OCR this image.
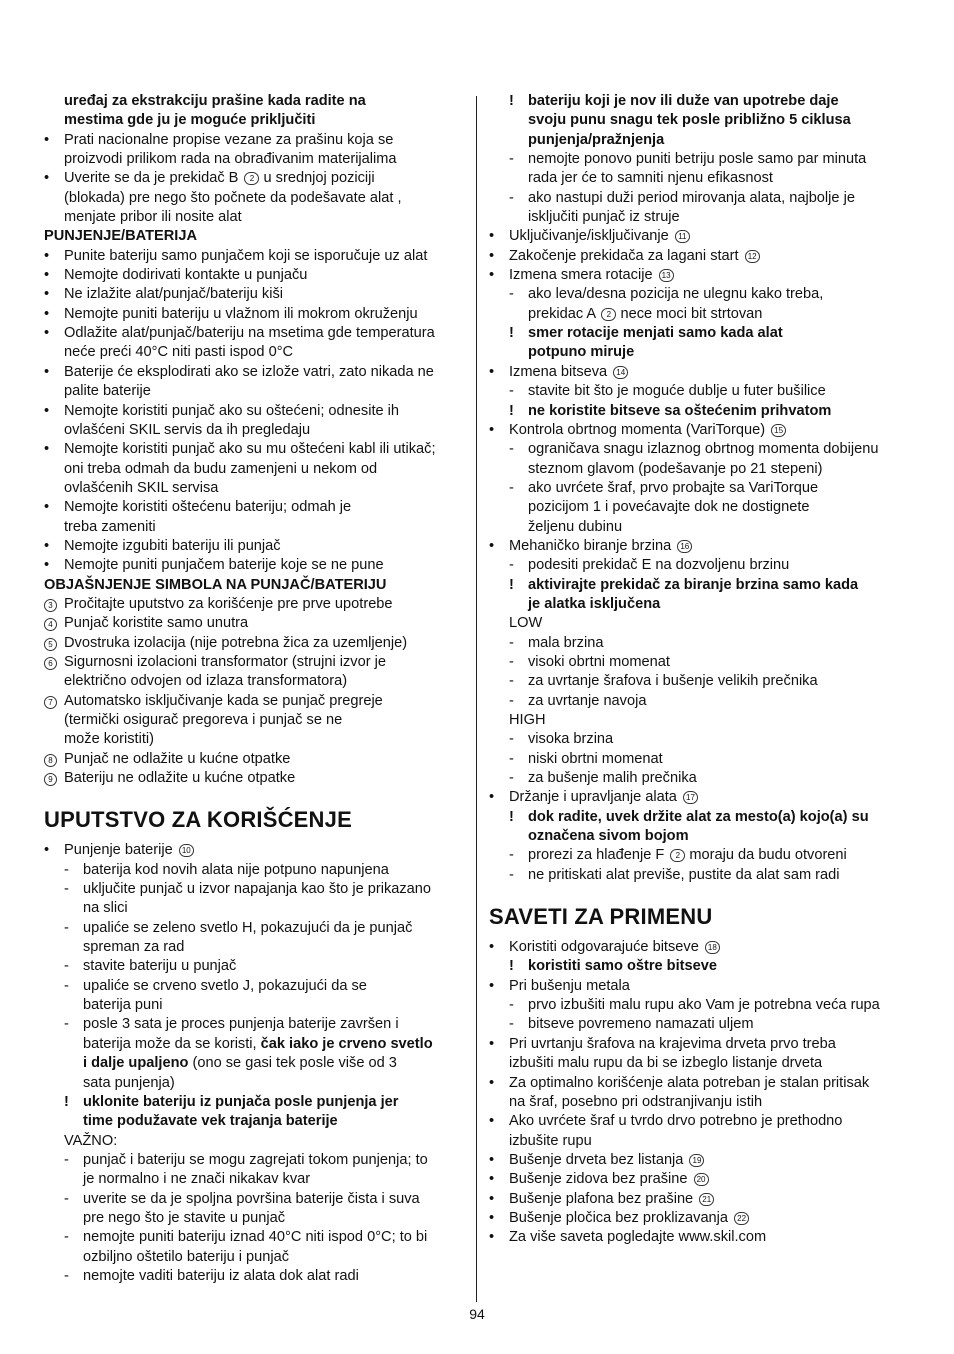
uređaj za ekstrakciju prašine kada radite na
mestima gde ju je moguće priključiti
• Prati nacionalne propise vezane za prašinu koja se
proizvodi prilikom rada na obrađivanim materijalima
• Uverite se da je prekidač B 2 u srednjoj poziciji
(blokada) pre nego što počnete da podešavate alat ,
menjate pribor ili nosite alat
PUNJENJE/BATERIJA
• Punite bateriju samo punjačem koji se isporučuje uz alat
• Nemojte dodirivati kontakte u punjaču
• Ne izlažite alat/punjač/bateriju kiši
• Nemojte puniti bateriju u vlažnom ili mokrom okruženju
• Odlažite alat/punjač/bateriju na msetima gde temperatura
neće preći 40°C niti pasti ispod 0°C
• Baterije će eksplodirati ako se izlože vatri, zato nikada ne
palite baterije
• Nemojte koristiti punjač ako su oštećeni; odnesite ih
ovlašćeni SKIL servis da ih pregledaju
• Nemojte koristiti punjač ako su mu oštećeni kabl ili utikač;
oni treba odmah da budu zamenjeni u nekom od
ovlašćenih SKIL servisa
• Nemojte koristiti oštećenu bateriju; odmah je
treba zameniti
• Nemojte izgubiti bateriju ili punjač
• Nemojte puniti punjačem baterije koje se ne pune
OBJAŠNJENJE SIMBOLA NA PUNJAČ/BATERIJU
3 Pročitajte uputstvo za korišćenje pre prve upotrebe
4 Punjač koristite samo unutra
5 Dvostruka izolacija (nije potrebna žica za uzemljenje)
6 Sigurnosni izolacioni transformator (strujni izvor je
električno odvojen od izlaza transformatora)
7 Automatsko isključivanje kada se punjač pregreje
(termički osigurač pregoreva i punjač se ne
može koristiti)
8 Punjač ne odlažite u kućne otpatke
9 Bateriju ne odlažite u kućne otpatke
UPUTSTVO ZA KORIŠĆENJE
• Punjenje baterije 10
- baterija kod novih alata nije potpuno napunjena
- uključite punjač u izvor napajanja kao što je prikazano
na slici
- upaliće se zeleno svetlo H, pokazujući da je punjač
spreman za rad
- stavite bateriju u punjač
- upaliće se crveno svetlo J, pokazujući da se
baterija puni
- posle 3 sata je proces punjenja baterije završen i
baterija može da se koristi, čak iako je crveno svetlo
i dalje upaljeno (ono se gasi tek posle više od 3
sata punjenja)
! uklonite bateriju iz punjača posle punjenja jer
time podužavate vek trajanja baterije
VAŽNO:
- punjač i bateriju se mogu zagrejati tokom punjenja; to
je normalno i ne znači nikakav kvar
- uverite se da je spoljna površina baterije čista i suva
pre nego što je stavite u punjač
- nemojte puniti bateriju iznad 40°C niti ispod 0°C; to bi
ozbiljno oštetilo bateriju i punjač
- nemojte vaditi bateriju iz alata dok alat radi
! bateriju koji je nov ili duže van upotrebe daje
svoju punu snagu tek posle približno 5 ciklusa
punjenja/pražnjenja
- nemojte ponovo puniti betriju posle samo par minuta
rada jer će to samniti njenu efikasnost
- ako nastupi duži period mirovanja alata, najbolje je
isključiti punjač iz struje
• Uključivanje/isključivanje 11
• Zakočenje prekidača za lagani start 12
• Izmena smera rotacije 13
- ako leva/desna pozicija ne ulegnu kako treba,
prekidac A 2 nece moci bit strtovan
! smer rotacije menjati samo kada alat
potpuno miruje
• Izmena bitseva 14
- stavite bit što je moguće dublje u futer bušilice
! ne koristite bitseve sa oštećenim prihvatom
• Kontrola obrtnog momenta (VariTorque) 15
- ograničava snagu izlaznog obrtnog momenta dobijenu
steznom glavom (podešavanje po 21 stepeni)
- ako uvrćete šraf, prvo probajte sa VariTorque
pozicijom 1 i povećavajte dok ne dostignete
željenu dubinu
• Mehaničko biranje brzina 16
- podesiti prekidač E na dozvoljenu brzinu
! aktivirajte prekidač za biranje brzina samo kada
je alatka isključena
LOW
- mala brzina
- visoki obrtni momenat
- za uvrtanje šrafova i bušenje velikih prečnika
- za uvrtanje navoja
HIGH
- visoka brzina
- niski obrtni momenat
- za bušenje malih prečnika
• Držanje i upravljanje alata 17
! dok radite, uvek držite alat za mesto(a) kojo(a) su
označena sivom bojom
- prorezi za hlađenje F 2 moraju da budu otvoreni
- ne pritiskati alat previše, pustite da alat sam radi
SAVETI ZA PRIMENU
• Koristiti odgovarajuće bitseve 18
! koristiti samo oštre bitseve
• Pri bušenju metala
- prvo izbušiti malu rupu ako Vam je potrebna veća rupa
- bitseve povremeno namazati uljem
• Pri uvrtanju šrafova na krajevima drveta prvo treba
izbušiti malu rupu da bi se izbeglo listanje drveta
• Za optimalno korišćenje alata potreban je stalan pritisak
na šraf, posebno pri odstranjivanju istih
• Ako uvrćete šraf u tvrdo drvo potrebno je prethodno
izbušite rupu
• Bušenje drveta bez listanja 19
• Bušenje zidova bez prašine 20
• Bušenje plafona bez prašine 21
• Bušenje pločica bez proklizavanja 22
• Za više saveta pogledajte www.skil.com
94
